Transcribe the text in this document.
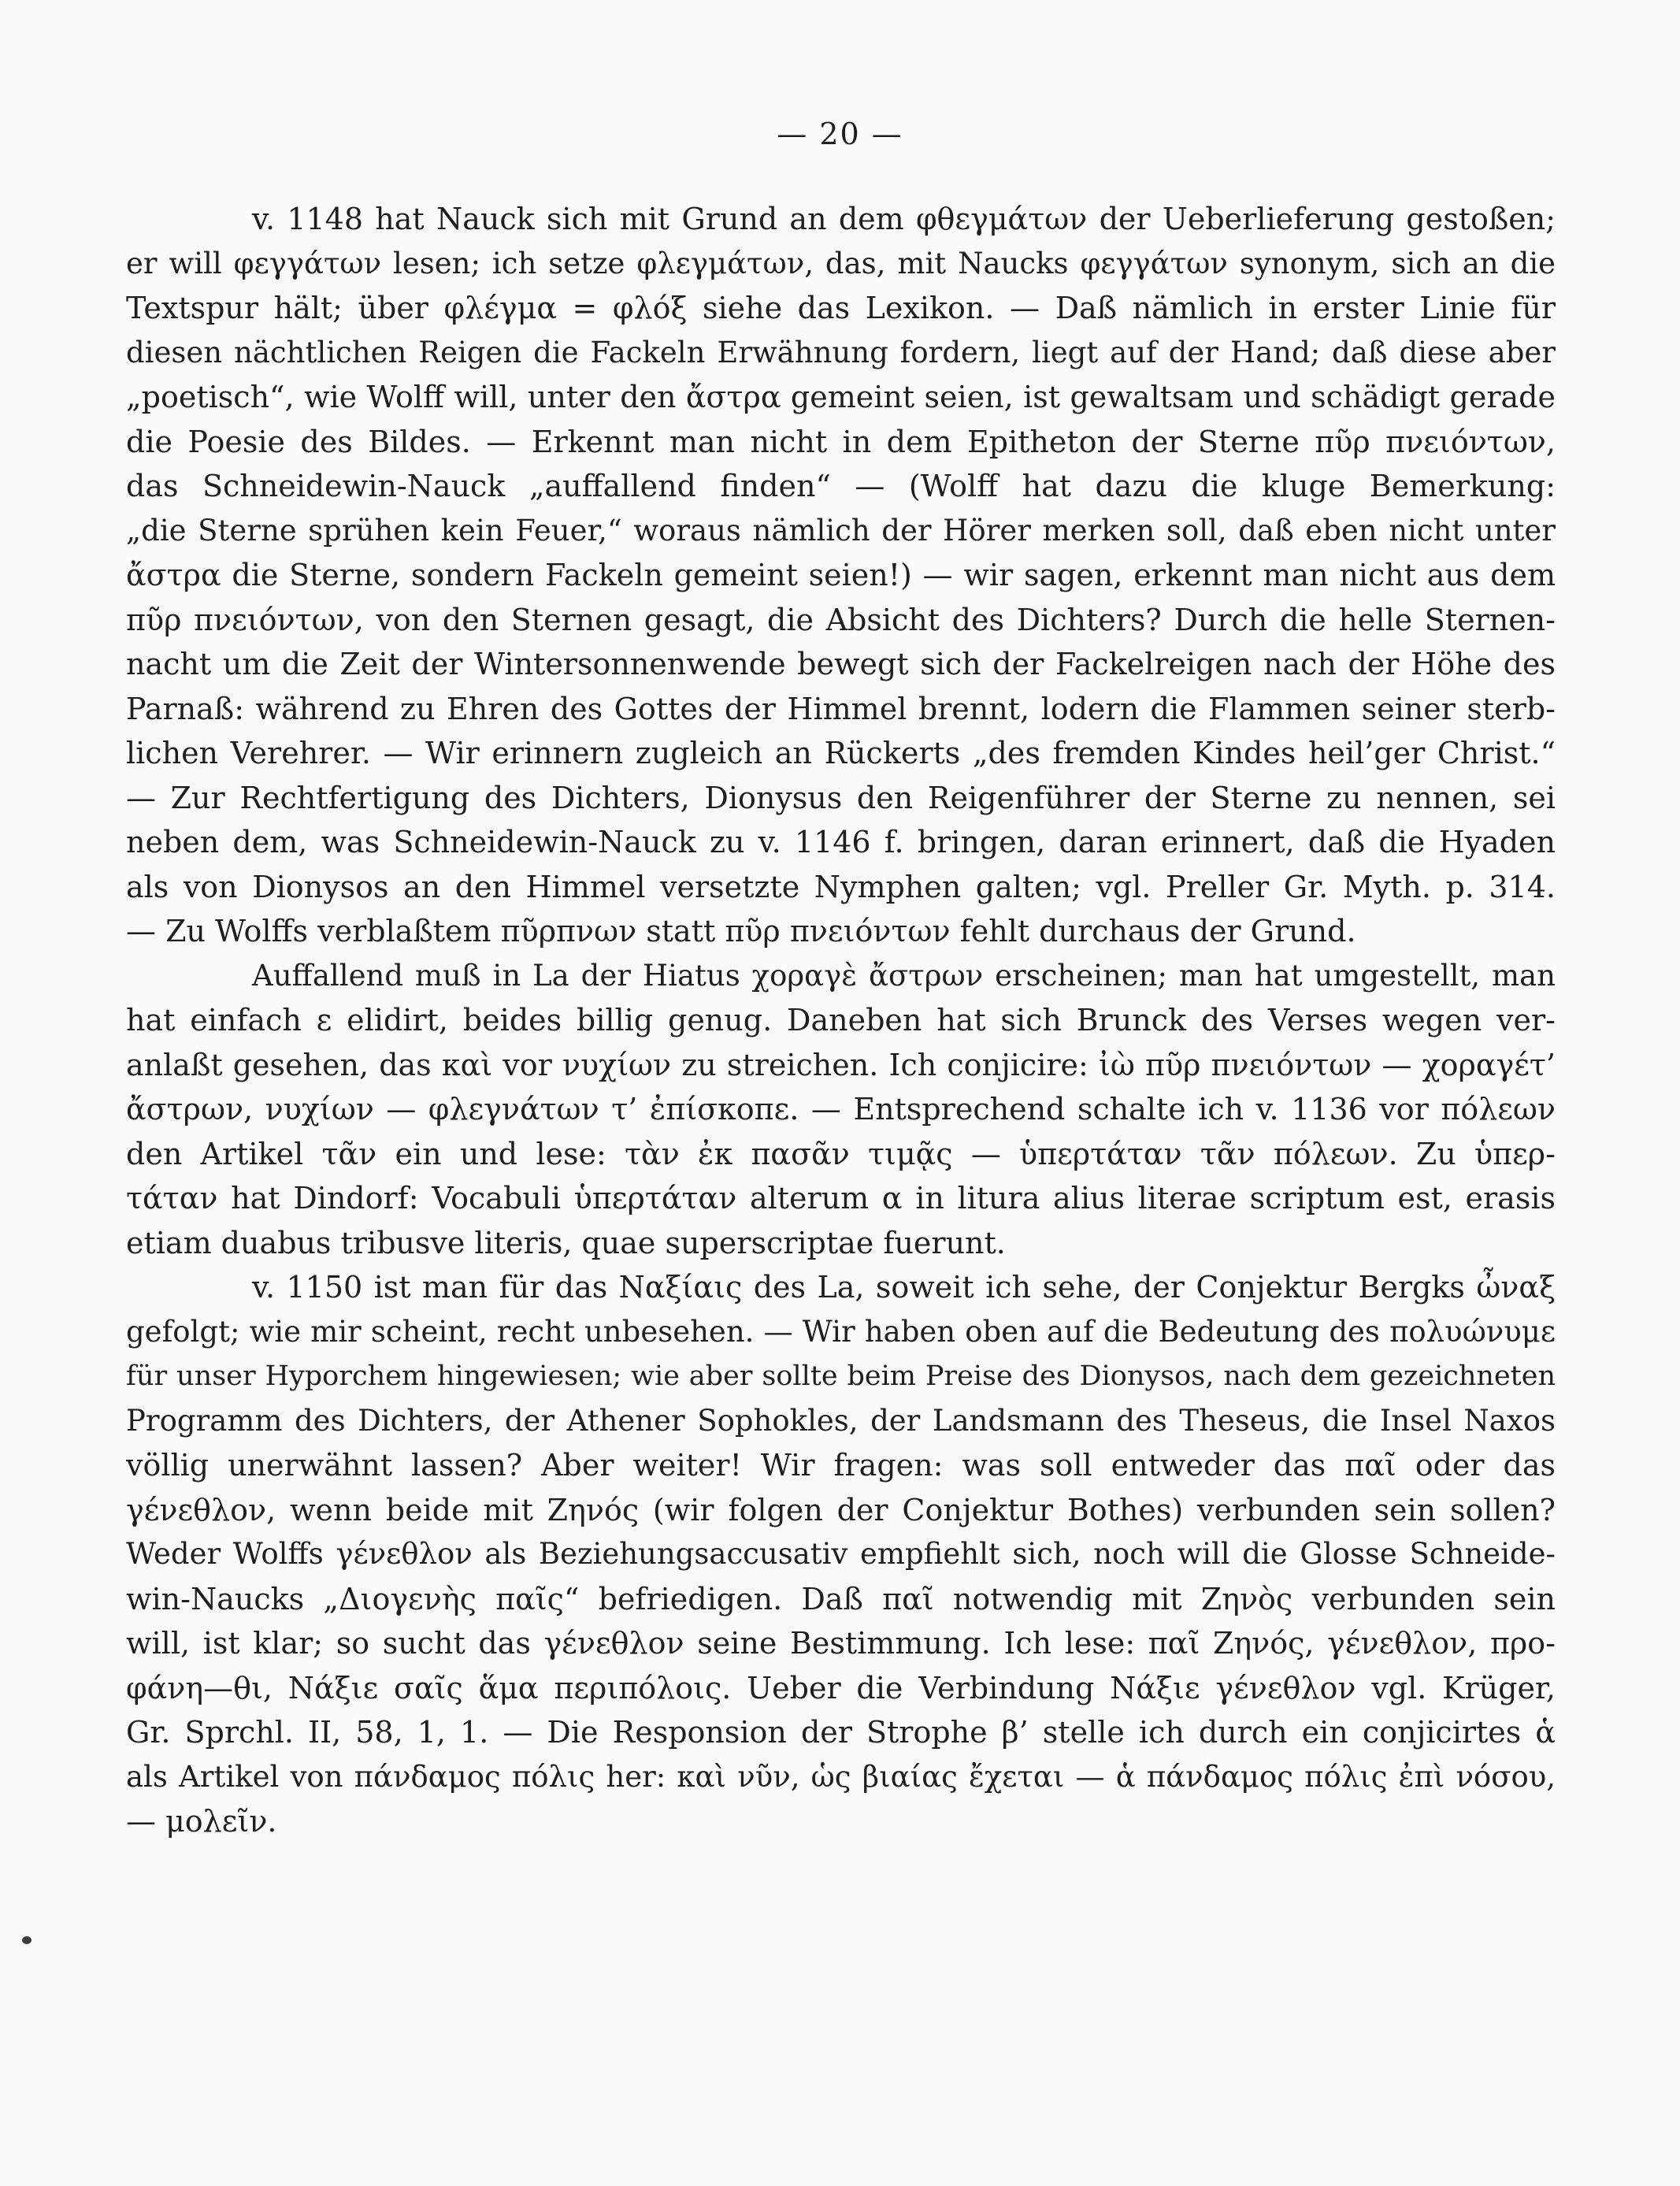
— 20 —
v. 1148 hat Nauck sich mit Grund an dem φθεγμάτων der Ueberlieferung gestoßen;
er will φεγγάτων lesen; ich setze φλεγμάτων, das, mit Naucks φεγγάτων synonym, sich an die
Textspur hält; über φλέγμα = φλόξ siehe das Lexikon. — Daß nämlich in erster Linie für
diesen nächtlichen Reigen die Fackeln Erwähnung fordern, liegt auf der Hand; daß diese aber
„poetisch“, wie Wolff will, unter den ἄστρα gemeint seien, ist gewaltsam und schädigt gerade
die Poesie des Bildes. — Erkennt man nicht in dem Epitheton der Sterne πῦρ πνειόντων,
das Schneidewin-Nauck „auffallend finden“ — (Wolff hat dazu die kluge Bemerkung:
„die Sterne sprühen kein Feuer,“ woraus nämlich der Hörer merken soll, daß eben nicht unter
ἄστρα die Sterne, sondern Fackeln gemeint seien!) — wir sagen, erkennt man nicht aus dem
πῦρ πνειόντων, von den Sternen gesagt, die Absicht des Dichters? Durch die helle Sternen-
nacht um die Zeit der Wintersonnenwende bewegt sich der Fackelreigen nach der Höhe des
Parnaß: während zu Ehren des Gottes der Himmel brennt, lodern die Flammen seiner sterb-
lichen Verehrer. — Wir erinnern zugleich an Rückerts „des fremden Kindes heil’ger Christ.“
— Zur Rechtfertigung des Dichters, Dionysus den Reigenführer der Sterne zu nennen, sei
neben dem, was Schneidewin-Nauck zu v. 1146 f. bringen, daran erinnert, daß die Hyaden
als von Dionysos an den Himmel versetzte Nymphen galten; vgl. Preller Gr. Myth. p. 314.
— Zu Wolffs verblaßtem πῦρπνων statt πῦρ πνειόντων fehlt durchaus der Grund.
Auffallend muß in La der Hiatus χοραγὲ ἄστρων erscheinen; man hat umgestellt, man
hat einfach ε elidirt, beides billig genug. Daneben hat sich Brunck des Verses wegen ver-
anlaßt gesehen, das καὶ vor νυχίων zu streichen. Ich conjicire: ἰὼ πῦρ πνειόντων — χοραγέτ’
ἄστρων, νυχίων — φλεγνάτων τ’ ἐπίσκοπε. — Entsprechend schalte ich v. 1136 vor πόλεων
den Artikel τᾶν ein und lese: τὰν ἐκ πασᾶν τιμᾷς — ὑπερτάταν τᾶν πόλεων. Zu ὑπερ-
τάταν hat Dindorf: Vocabuli ὑπερτάταν alterum α in litura alius literae scriptum est, erasis
etiam duabus tribusve literis, quae superscriptae fuerunt.
v. 1150 ist man für das Ναξίαις des La, soweit ich sehe, der Conjektur Bergks ὦναξ
gefolgt; wie mir scheint, recht unbesehen. — Wir haben oben auf die Bedeutung des πολυώνυμε
für unser Hyporchem hingewiesen; wie aber sollte beim Preise des Dionysos, nach dem gezeichneten
Programm des Dichters, der Athener Sophokles, der Landsmann des Theseus, die Insel Naxos
völlig unerwähnt lassen? Aber weiter! Wir fragen: was soll entweder das παῖ oder das
γένεθλον, wenn beide mit Ζηνός (wir folgen der Conjektur Bothes) verbunden sein sollen?
Weder Wolffs γένεθλον als Beziehungsaccusativ empfiehlt sich, noch will die Glosse Schneide-
win-Naucks „Διογενὴς παῖς“ befriedigen. Daß παῖ notwendig mit Ζηνὸς verbunden sein
will, ist klar; so sucht das γένεθλον seine Bestimmung. Ich lese: παῖ Ζηνός, γένεθλον, προ-
φάνη—θι, Νάξιε σαῖς ἅμα περιπόλοις. Ueber die Verbindung Νάξιε γένεθλον vgl. Krüger,
Gr. Sprchl. II, 58, 1, 1. — Die Responsion der Strophe β’ stelle ich durch ein conjicirtes ἁ
als Artikel von πάνδαμος πόλις her: καὶ νῦν, ὡς βιαίας ἔχεται — ἁ πάνδαμος πόλις ἐπὶ νόσου,
— μολεῖν.
